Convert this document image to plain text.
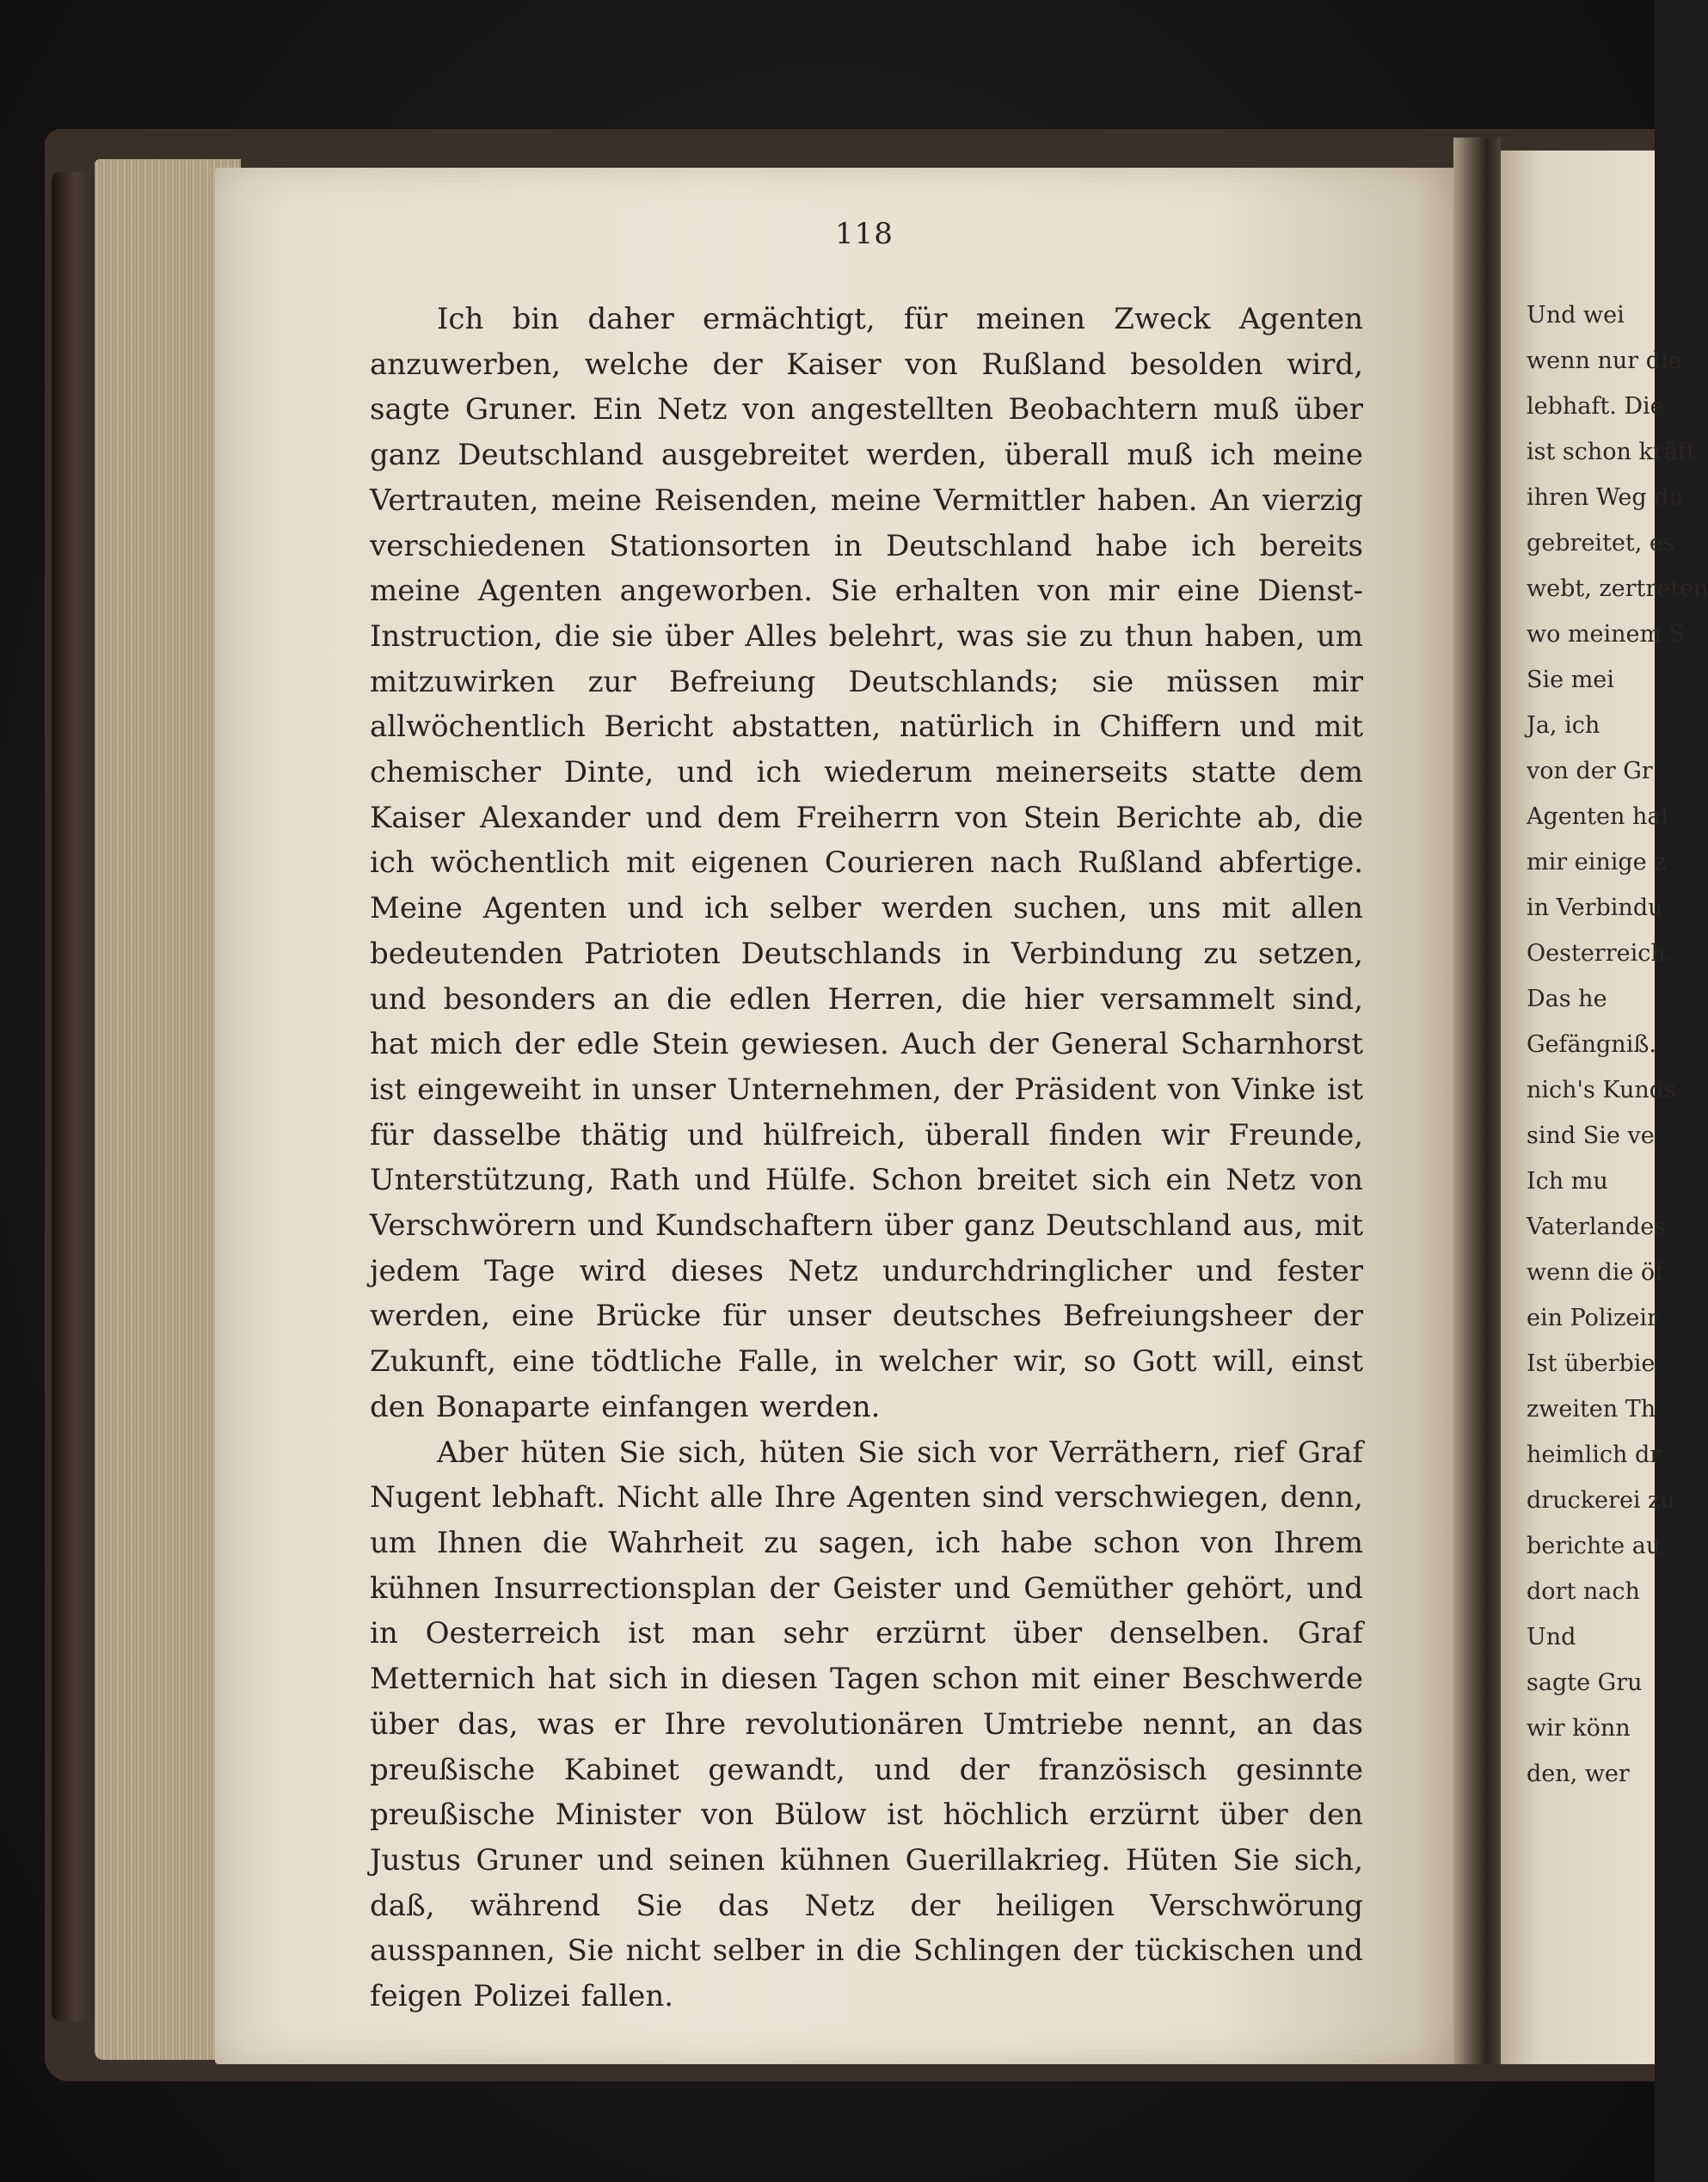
118

Ich bin daher ermächtigt, für meinen Zweck Agenten anzuwerben, welche der Kaiser von Rußland besolden wird, sagte Gruner. Ein Netz von angestellten Beobachtern muß über ganz Deutschland ausgebreitet werden, überall muß ich meine Vertrauten, meine Reisenden, meine Vermittler haben. An vierzig verschiedenen Stationsorten in Deutschland habe ich bereits meine Agenten angeworben. Sie erhalten von mir eine Dienst-Instruction, die sie über Alles belehrt, was sie zu thun haben, um mitzuwirken zur Befreiung Deutschlands; sie müssen mir allwöchentlich Bericht abstatten, natürlich in Chiffern und mit chemischer Dinte, und ich wiederum meinerseits statte dem Kaiser Alexander und dem Freiherrn von Stein Berichte ab, die ich wöchentlich mit eigenen Courieren nach Rußland abfertige. Meine Agenten und ich selber werden suchen, uns mit allen bedeutenden Patrioten Deutschlands in Verbindung zu setzen, und besonders an die edlen Herren, die hier versammelt sind, hat mich der edle Stein gewiesen. Auch der General Scharnhorst ist eingeweiht in unser Unternehmen, der Präsident von Vinke ist für dasselbe thätig und hülfreich, überall finden wir Freunde, Unterstützung, Rath und Hülfe. Schon breitet sich ein Netz von Verschwörern und Kundschaftern über ganz Deutschland aus, mit jedem Tage wird dieses Netz undurchdringlicher und fester werden, eine Brücke für unser deutsches Befreiungsheer der Zukunft, eine tödtliche Falle, in welcher wir, so Gott will, einst den Bonaparte einfangen werden.

Aber hüten Sie sich, hüten Sie sich vor Verräthern, rief Graf Nugent lebhaft. Nicht alle Ihre Agenten sind verschwiegen, denn, um Ihnen die Wahrheit zu sagen, ich habe schon von Ihrem kühnen Insurrectionsplan der Geister und Gemüther gehört, und in Oesterreich ist man sehr erzürnt über denselben. Graf Metternich hat sich in diesen Tagen schon mit einer Beschwerde über das, was er Ihre revolutionären Umtriebe nennt, an das preußische Kabinet gewandt, und der französisch gesinnte preußische Minister von Bülow ist höchlich erzürnt über den Justus Gruner und seinen kühnen Guerillakrieg. Hüten Sie sich, daß, während Sie das Netz der heiligen Verschwörung ausspannen, Sie nicht selber in die Schlingen der tückischen und feigen Polizei fallen.

Und wei
wenn nur die
lebhaft. Die
ist schon kräft
ihren Weg du
gebreitet, es
webt, zertreten
wo meinem S
Sie mei
Ja, ich
von der Gr
Agenten hal
mir einige z
in Verbindu
Oesterreich.
Das he
Gefängniß.
nich's Kunds
sind Sie ve
Ich mu
Vaterlandes
wenn die öf
ein Polizeir
Ist überbie
zweiten Th
heimlich dr
druckerei zu
berichte au
dort nach
Und
sagte Gru
wir könn
den, wer
